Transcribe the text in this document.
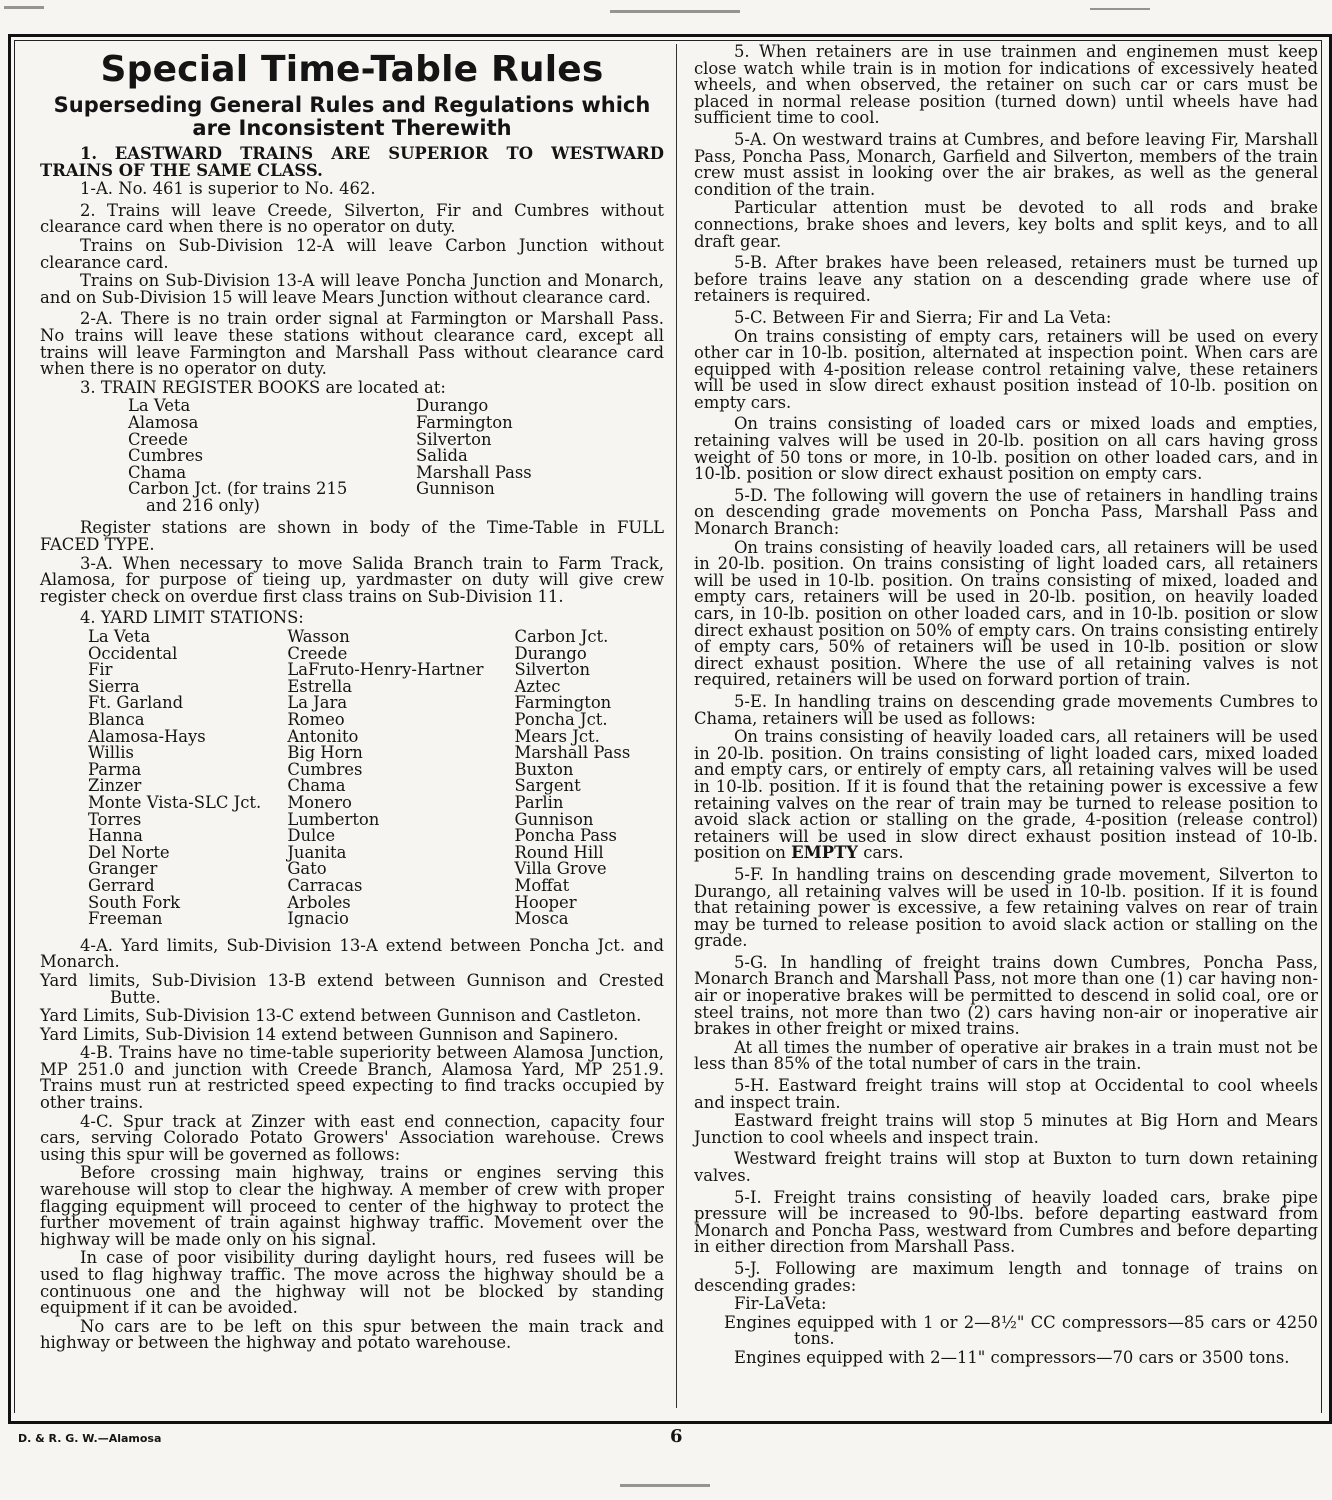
Special Time-Table Rules
Superseding General Rules and Regulations which
are Inconsistent Therewith

1. EASTWARD TRAINS ARE SUPERIOR TO WESTWARD TRAINS OF THE SAME CLASS.

1-A. No. 461 is superior to No. 462.

2. Trains will leave Creede, Silverton, Fir and Cumbres without clearance card when there is no operator on duty.

Trains on Sub-Division 12-A will leave Carbon Junction without clearance card.

Trains on Sub-Division 13-A will leave Poncha Junction and Monarch, and on Sub-Division 15 will leave Mears Junction without clearance card.

2-A. There is no train order signal at Farmington or Marshall Pass. No trains will leave these stations without clearance card, except all trains will leave Farmington and Marshall Pass without clearance card when there is no operator on duty.

3. TRAIN REGISTER BOOKS are located at:

La Veta
Alamosa
Creede
Cumbres
Chama
Carbon Jct. (for trains 215
and 216 only)
Durango
Farmington
Silverton
Salida
Marshall Pass
Gunnison

Register stations are shown in body of the Time-Table in FULL FACED TYPE.

3-A. When necessary to move Salida Branch train to Farm Track, Alamosa, for purpose of tieing up, yardmaster on duty will give crew register check on overdue first class trains on Sub-Division 11.

4. YARD LIMIT STATIONS:

La Veta
Occidental
Fir
Sierra
Ft. Garland
Blanca
Alamosa-Hays
Willis
Parma
Zinzer
Monte Vista-SLC Jct.
Torres
Hanna
Del Norte
Granger
Gerrard
South Fork
Freeman
Wasson
Creede
LaFruto-Henry-Hartner
Estrella
La Jara
Romeo
Antonito
Big Horn
Cumbres
Chama
Monero
Lumberton
Dulce
Juanita
Gato
Carracas
Arboles
Ignacio
Carbon Jct.
Durango
Silverton
Aztec
Farmington
Poncha Jct.
Mears Jct.
Marshall Pass
Buxton
Sargent
Parlin
Gunnison
Poncha Pass
Round Hill
Villa Grove
Moffat
Hooper
Mosca

4-A. Yard limits, Sub-Division 13-A extend between Poncha Jct. and Monarch.

Yard limits, Sub-Division 13-B extend between Gunnison and Crested Butte.

Yard Limits, Sub-Division 13-C extend between Gunnison and Castleton.

Yard Limits, Sub-Division 14 extend between Gunnison and Sapinero.

4-B. Trains have no time-table superiority between Alamosa Junction, MP 251.0 and junction with Creede Branch, Alamosa Yard, MP 251.9. Trains must run at restricted speed expecting to find tracks occupied by other trains.

4-C. Spur track at Zinzer with east end connection, capacity four cars, serving Colorado Potato Growers' Association warehouse. Crews using this spur will be governed as follows:

Before crossing main highway, trains or engines serving this warehouse will stop to clear the highway. A member of crew with proper flagging equipment will proceed to center of the highway to protect the further movement of train against highway traffic. Movement over the highway will be made only on his signal.

In case of poor visibility during daylight hours, red fusees will be used to flag highway traffic. The move across the highway should be a continuous one and the highway will not be blocked by standing equipment if it can be avoided.

No cars are to be left on this spur between the main track and highway or between the highway and potato warehouse.

5. When retainers are in use trainmen and enginemen must keep close watch while train is in motion for indications of excessively heated wheels, and when observed, the retainer on such car or cars must be placed in normal release position (turned down) until wheels have had sufficient time to cool.

5-A. On westward trains at Cumbres, and before leaving Fir, Marshall Pass, Poncha Pass, Monarch, Garfield and Silverton, members of the train crew must assist in looking over the air brakes, as well as the general condition of the train.

Particular attention must be devoted to all rods and brake connections, brake shoes and levers, key bolts and split keys, and to all draft gear.

5-B. After brakes have been released, retainers must be turned up before trains leave any station on a descending grade where use of retainers is required.

5-C. Between Fir and Sierra; Fir and La Veta:

On trains consisting of empty cars, retainers will be used on every other car in 10-lb. position, alternated at inspection point. When cars are equipped with 4-position release control retaining valve, these retainers will be used in slow direct exhaust position instead of 10-lb. position on empty cars.

On trains consisting of loaded cars or mixed loads and empties, retaining valves will be used in 20-lb. position on all cars having gross weight of 50 tons or more, in 10-lb. position on other loaded cars, and in 10-lb. position or slow direct exhaust position on empty cars.

5-D. The following will govern the use of retainers in handling trains on descending grade movements on Poncha Pass, Marshall Pass and Monarch Branch:

On trains consisting of heavily loaded cars, all retainers will be used in 20-lb. position. On trains consisting of light loaded cars, all retainers will be used in 10-lb. position. On trains consisting of mixed, loaded and empty cars, retainers will be used in 20-lb. position, on heavily loaded cars, in 10-lb. position on other loaded cars, and in 10-lb. position or slow direct exhaust position on 50% of empty cars. On trains consisting entirely of empty cars, 50% of retainers will be used in 10-lb. position or slow direct exhaust position. Where the use of all retaining valves is not required, retainers will be used on forward portion of train.

5-E. In handling trains on descending grade movements Cumbres to Chama, retainers will be used as follows:

On trains consisting of heavily loaded cars, all retainers will be used in 20-lb. position. On trains consisting of light loaded cars, mixed loaded and empty cars, or entirely of empty cars, all retaining valves will be used in 10-lb. position. If it is found that the retaining power is excessive a few retaining valves on the rear of train may be turned to release position to avoid slack action or stalling on the grade, 4-position (release control) retainers will be used in slow direct exhaust position instead of 10-lb. position on EMPTY cars.

5-F. In handling trains on descending grade movement, Silverton to Durango, all retaining valves will be used in 10-lb. position. If it is found that retaining power is excessive, a few retaining valves on rear of train may be turned to release position to avoid slack action or stalling on the grade.

5-G. In handling of freight trains down Cumbres, Poncha Pass, Monarch Branch and Marshall Pass, not more than one (1) car having non-air or inoperative brakes will be permitted to descend in solid coal, ore or steel trains, not more than two (2) cars having non-air or inoperative air brakes in other freight or mixed trains.

At all times the number of operative air brakes in a train must not be less than 85% of the total number of cars in the train.

5-H. Eastward freight trains will stop at Occidental to cool wheels and inspect train.

Eastward freight trains will stop 5 minutes at Big Horn and Mears Junction to cool wheels and inspect train.

Westward freight trains will stop at Buxton to turn down retaining valves.

5-I. Freight trains consisting of heavily loaded cars, brake pipe pressure will be increased to 90-lbs. before departing eastward from Monarch and Poncha Pass, westward from Cumbres and before departing in either direction from Marshall Pass.

5-J. Following are maximum length and tonnage of trains on descending grades:

Fir-LaVeta:

Engines equipped with 1 or 2—8½" CC compressors—85 cars or 4250 tons.

Engines equipped with 2—11" compressors—70 cars or 3500 tons.

D. & R. G. W.—Alamosa	6
